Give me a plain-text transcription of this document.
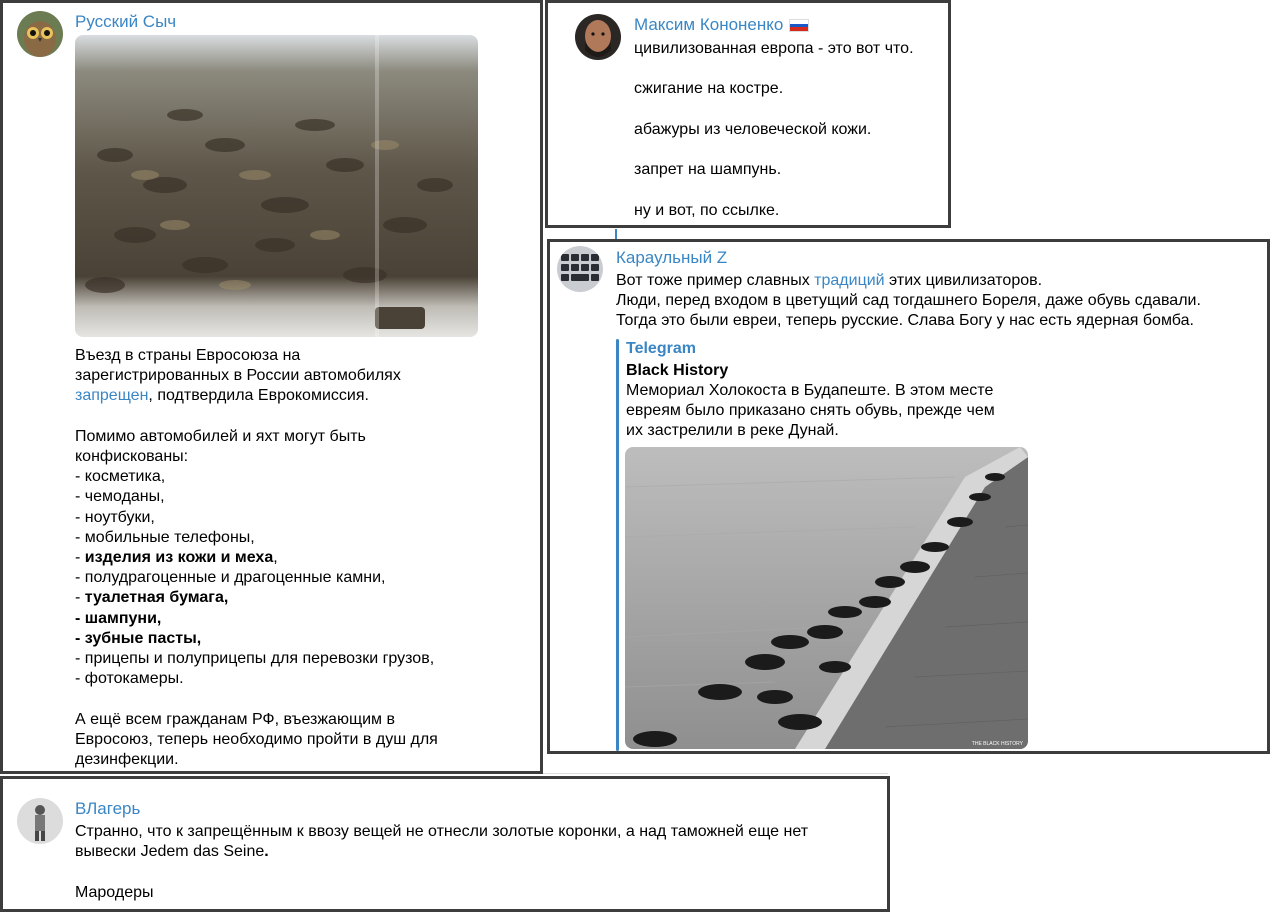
Русский Сыч

Въезд в страны Евросоюза на

зарегистрированных в России автомобилях

запрещен, подтвердила Еврокомиссия.

Помимо автомобилей и яхт могут быть

конфискованы:

- косметика,

- чемоданы,

- ноутбуки,

- мобильные телефоны,

- изделия из кожи и меха,

- полудрагоценные и драгоценные камни,

- туалетная бумага,

- шампуни,

- зубные пасты,

- прицепы и полуприцепы для перевозки грузов,

- фотокамеры.

А ещё всем гражданам РФ, въезжающим в

Евросоюз, теперь необходимо пройти в душ для

дезинфекции.

Максим Кононенко

цивилизованная европа - это вот что.

сжигание на костре.

абажуры из человеческой кожи.

запрет на шампунь.

ну и вот, по ссылке.

Караульный Z

Вот тоже пример славных традиций этих цивилизаторов.

Люди, перед входом в цветущий сад тогдашнего Бореля, даже обувь сдавали.

Тогда это были евреи, теперь русские. Слава Богу у нас есть ядерная бомба.

Telegram
Black History

Мемориал Холокоста в Будапеште. В этом месте

евреям было приказано снять обувь, прежде чем

их застрелили в реке Дунай.

THE BLACK HISTORY
ВЛагерь

Странно, что к запрещённым к ввозу вещей не отнесли золотые коронки, а над таможней еще нет

вывески Jedem das Seine.

Мародеры
